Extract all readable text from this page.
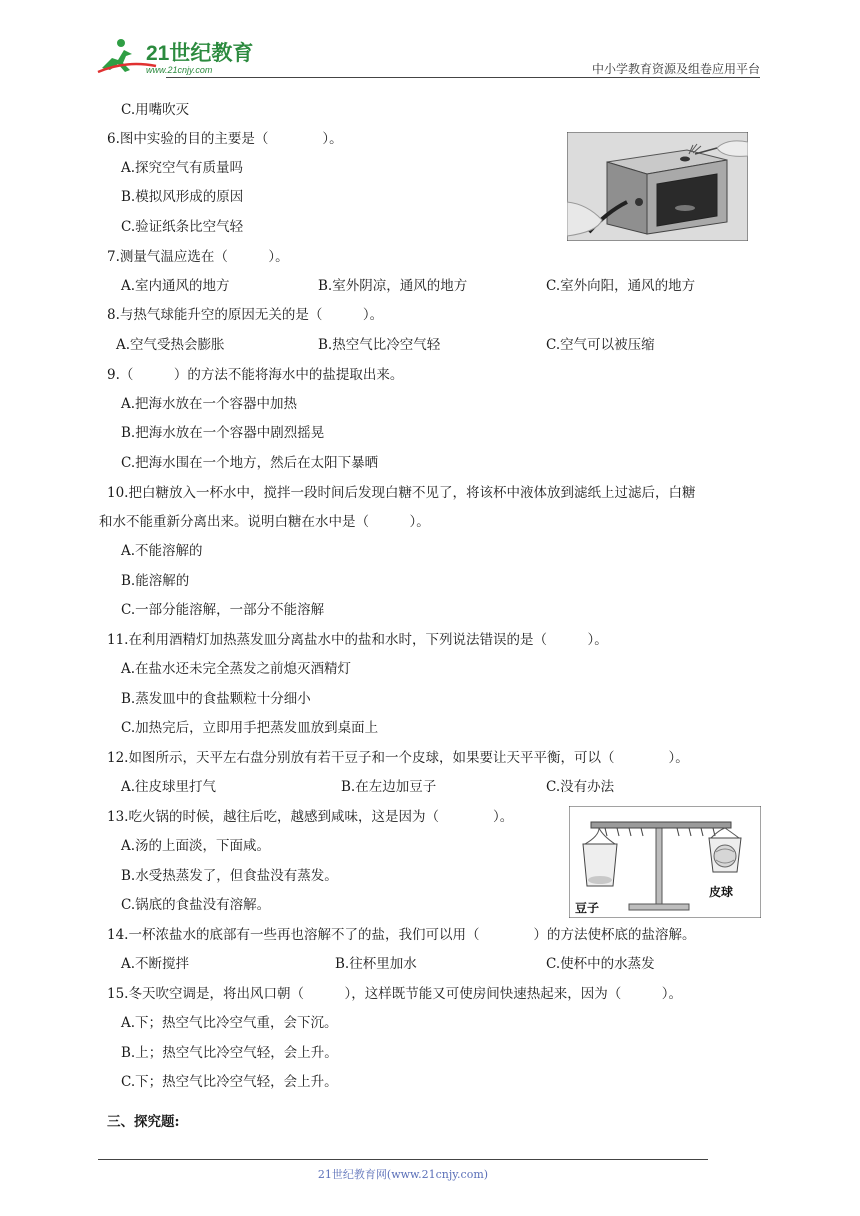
21世纪教育
www.21cnjy.com	中小学教育资源及组卷应用平台
C.用嘴吹灭
6.图中实验的目的主要是（　　　　）。
A.探究空气有质量吗
B.模拟风形成的原因
C.验证纸条比空气轻
7.测量气温应选在（　　　）。
A.室内通风的地方	B.室外阴凉，通风的地方	C.室外向阳，通风的地方
8.与热气球能升空的原因无关的是（　　　）。
A.空气受热会膨胀	B.热空气比冷空气轻	C.空气可以被压缩
9.（　　　）的方法不能将海水中的盐提取出来。
A.把海水放在一个容器中加热
B.把海水放在一个容器中剧烈摇晃
C.把海水围在一个地方，然后在太阳下暴晒
10.把白糖放入一杯水中，搅拌一段时间后发现白糖不见了，将该杯中液体放到滤纸上过滤后，白糖
和水不能重新分离出来。说明白糖在水中是（　　　）。
A.不能溶解的
B.能溶解的
C.一部分能溶解，一部分不能溶解
11.在利用酒精灯加热蒸发皿分离盐水中的盐和水时，下列说法错误的是（　　　）。
A.在盐水还未完全蒸发之前熄灭酒精灯
B.蒸发皿中的食盐颗粒十分细小
C.加热完后，立即用手把蒸发皿放到桌面上
12.如图所示，天平左右盘分别放有若干豆子和一个皮球，如果要让天平平衡，可以（　　　　）。
A.往皮球里打气	B.在左边加豆子	C.没有办法
13.吃火锅的时候，越往后吃，越感到咸味，这是因为（　　　　）。
A.汤的上面淡，下面咸。
B.水受热蒸发了，但食盐没有蒸发。
C.锅底的食盐没有溶解。
14.一杯浓盐水的底部有一些再也溶解不了的盐，我们可以用（　　　　）的方法使杯底的盐溶解。
A.不断搅拌	B.往杯里加水	C.使杯中的水蒸发
15.冬天吹空调是，将出风口朝（　　　），这样既节能又可使房间快速热起来，因为（　　　）。
A.下；热空气比冷空气重，会下沉。
B.上；热空气比冷空气轻，会上升。
C.下；热空气比冷空气轻，会上升。
三、探究题:
豆子
皮球
21世纪教育网(www.21cnjy.com)
